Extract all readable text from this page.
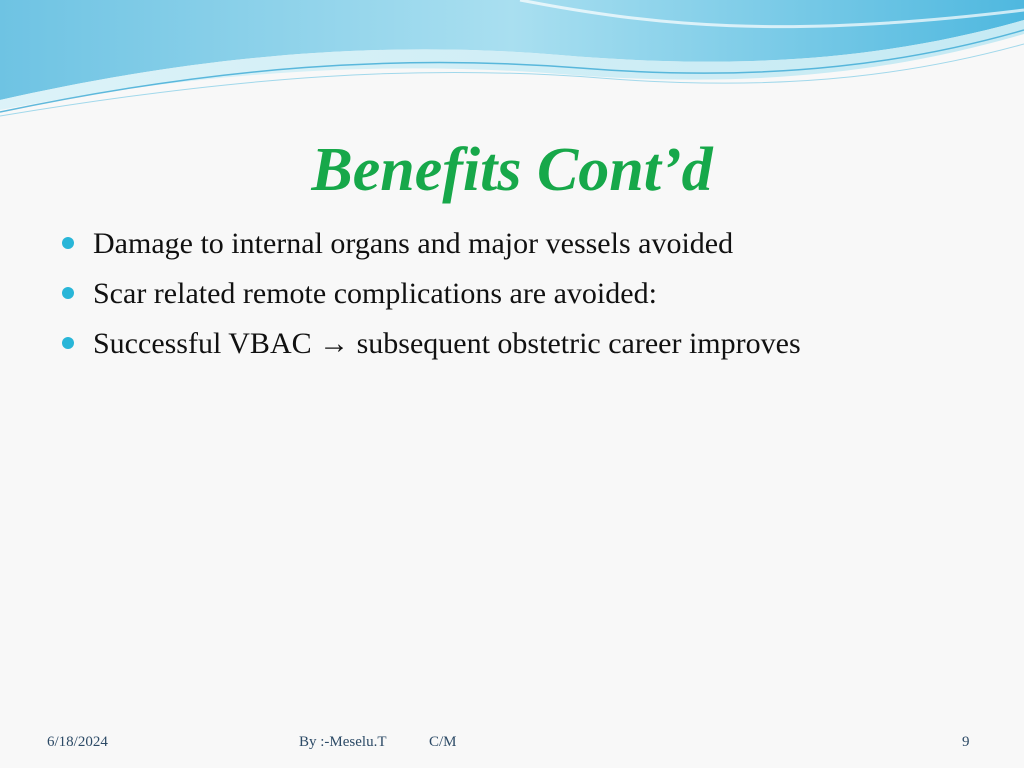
Benefits Cont’d
Damage to internal organs and major vessels avoided
Scar related remote complications are avoided:
Successful VBAC → subsequent obstetric career improves
6/18/2024	By :-Meselu.T	C/M	9
